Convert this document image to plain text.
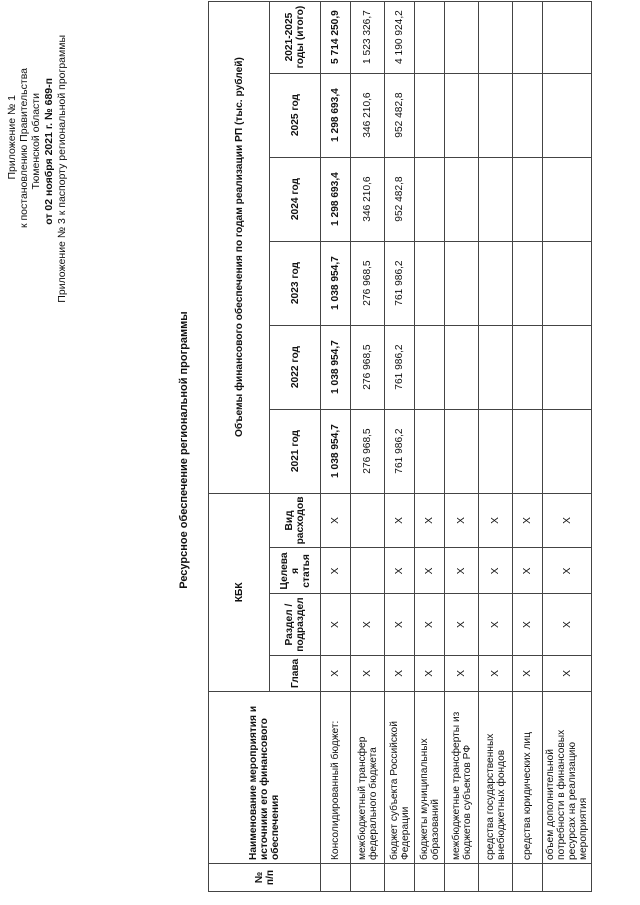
Приложение № 1 к постановлению Правительства Тюменской области от 02 ноября 2021 г. № 689-п Приложение № 3 к паспорту региональной программы
Ресурсное обеспечение региональной программы
№ п/п	Наименование мероприятия и источники его финансового обеспечения	КБК				Объемы финансового обеспечения по годам реализации РП (тыс. рублей)					
		Глава	Раздел / подраздел	Целева я статья	Вид расходов	2021 год	2022 год	2023 год	2024 год	2025 год	2021-2025 годы (итого)
	Консолидированный бюджет:	X	X	X	X	1 038 954,7	1 038 954,7	1 038 954,7	1 298 693,4	1 298 693,4	5 714 250,9
	межбюджетный трансфер федерального бюджета	X	X			276 968,5	276 968,5	276 968,5	346 210,6	346 210,6	1 523 326,7
	бюджет субъекта Российской Федерации	X	X	X	X	761 986,2	761 986,2	761 986,2	952 482,8	952 482,8	4 190 924,2
	бюджеты муниципальных образований	X	X	X	X						
	межбюджетные трансферты из бюджетов субъектов РФ	X	X	X	X						
	средства государственных внебюджетных фондов	X	X	X	X						
	средства юридических лиц	X	X	X	X						
	объем дополнительной потребности в финансовых ресурсах на реализацию мероприятия	X	X	X	X						
